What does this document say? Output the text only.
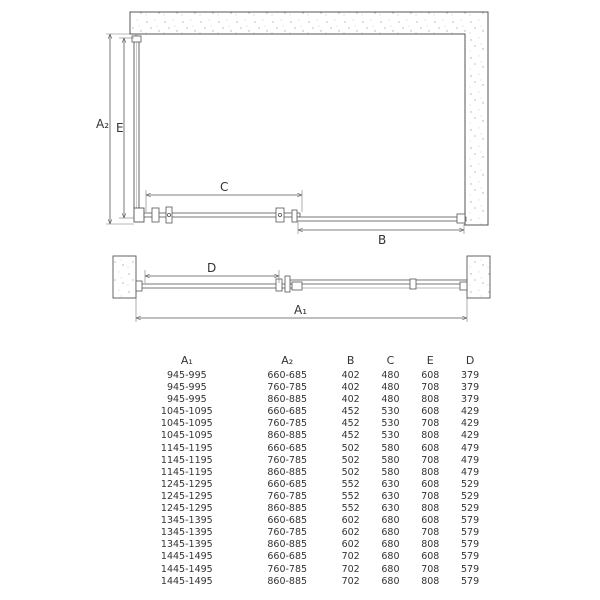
E
A₂
C
B
D
A₁
A₁	A₂	B	C	E	D
945-995	660-685	402	480	608	379
945-995	760-785	402	480	708	379
945-995	860-885	402	480	808	379
1045-1095	660-685	452	530	608	429
1045-1095	760-785	452	530	708	429
1045-1095	860-885	452	530	808	429
1145-1195	660-685	502	580	608	479
1145-1195	760-785	502	580	708	479
1145-1195	860-885	502	580	808	479
1245-1295	660-685	552	630	608	529
1245-1295	760-785	552	630	708	529
1245-1295	860-885	552	630	808	529
1345-1395	660-685	602	680	608	579
1345-1395	760-785	602	680	708	579
1345-1395	860-885	602	680	808	579
1445-1495	660-685	702	680	608	579
1445-1495	760-785	702	680	708	579
1445-1495	860-885	702	680	808	579
